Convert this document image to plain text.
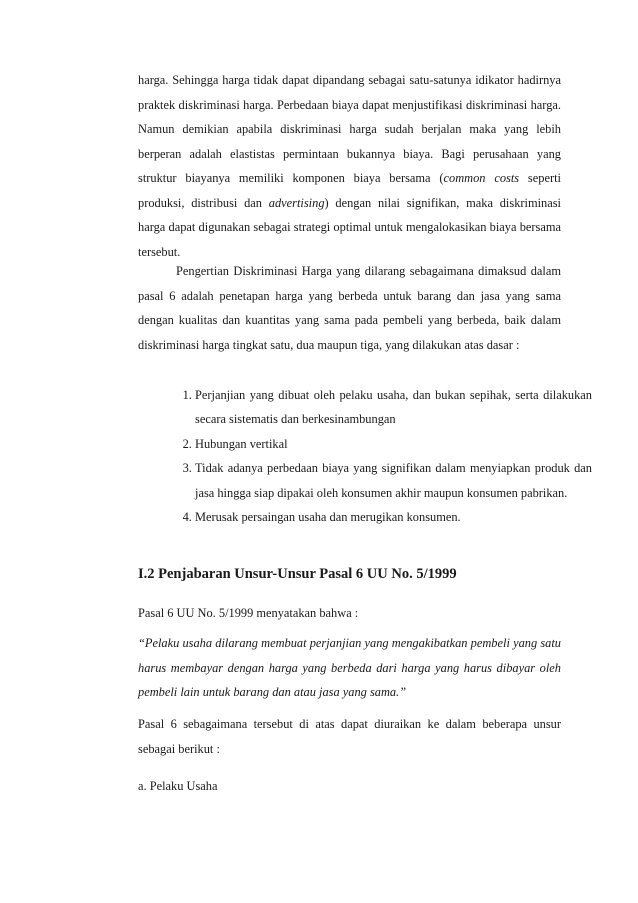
harga. Sehingga harga tidak dapat dipandang sebagai satu-satunya idikator hadirnya praktek diskriminasi harga. Perbedaan biaya dapat menjustifikasi diskriminasi harga. Namun demikian apabila diskriminasi harga sudah berjalan maka yang lebih berperan adalah elastistas permintaan bukannya biaya. Bagi perusahaan yang struktur biayanya memiliki komponen biaya bersama (common costs seperti produksi, distribusi dan advertising) dengan nilai signifikan, maka diskriminasi harga dapat digunakan sebagai strategi optimal untuk mengalokasikan biaya bersama tersebut.

Pengertian Diskriminasi Harga yang dilarang sebagaimana dimaksud dalam pasal 6 adalah penetapan harga yang berbeda untuk barang dan jasa yang sama dengan kualitas dan kuantitas yang sama pada pembeli yang berbeda, baik dalam diskriminasi harga tingkat satu, dua maupun tiga, yang dilakukan atas dasar :

1. Perjanjian yang dibuat oleh pelaku usaha, dan bukan sepihak, serta dilakukan secara sistematis dan berkesinambungan
2. Hubungan vertikal
3. Tidak adanya perbedaan biaya yang signifikan dalam menyiapkan produk dan jasa hingga siap dipakai oleh konsumen akhir maupun konsumen pabrikan.
4. Merusak persaingan usaha dan merugikan konsumen.
I.2 Penjabaran Unsur-Unsur Pasal 6 UU No. 5/1999

Pasal 6 UU No. 5/1999 menyatakan bahwa :

“Pelaku usaha dilarang membuat perjanjian yang mengakibatkan pembeli yang satu harus membayar dengan harga yang berbeda dari harga yang harus dibayar oleh pembeli lain untuk barang dan atau jasa yang sama.”

Pasal 6 sebagaimana tersebut di atas dapat diuraikan ke dalam beberapa unsur sebagai berikut :

a. Pelaku Usaha
